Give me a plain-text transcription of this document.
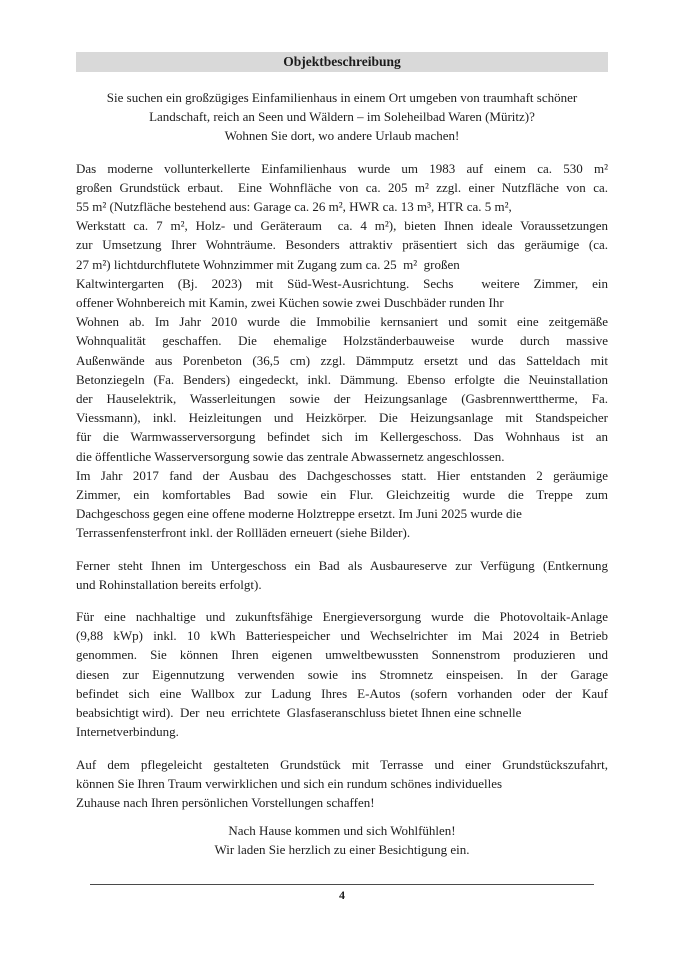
Objektbeschreibung
Sie suchen ein großzügiges Einfamilienhaus in einem Ort umgeben von traumhaft schöner
Landschaft, reich an Seen und Wäldern – im Soleheilbad Waren (Müritz)?
Wohnen Sie dort, wo andere Urlaub machen!
Das moderne vollunterkellerte Einfamilienhaus wurde um 1983 auf einem ca. 530 m²
großen Grundstück erbaut.  Eine Wohnfläche von ca. 205 m² zzgl. einer Nutzfläche von ca.
55 m² (Nutzfläche bestehend aus: Garage ca. 26 m², HWR ca. 13 m³, HTR ca. 5 m²,
Werkstatt ca. 7 m², Holz- und Geräteraum  ca. 4 m²), bieten Ihnen ideale Voraussetzungen
zur Umsetzung Ihrer Wohnträume. Besonders attraktiv präsentiert sich das geräumige (ca.
27 m²) lichtdurchflutete Wohnzimmer mit Zugang zum ca. 25  m²  großen
Kaltwintergarten (Bj. 2023) mit Süd-West-Ausrichtung. Sechs  weitere Zimmer, ein
offener Wohnbereich mit Kamin, zwei Küchen sowie zwei Duschbäder runden Ihr
Wohnen ab. Im Jahr 2010 wurde die Immobilie kernsaniert und somit eine zeitgemäße
Wohnqualität geschaffen. Die ehemalige Holzständerbauweise wurde durch massive
Außenwände aus Porenbeton (36,5 cm) zzgl. Dämmputz ersetzt und das Satteldach mit
Betonziegeln (Fa. Benders) eingedeckt, inkl. Dämmung. Ebenso erfolgte die Neuinstallation
der Hauselektrik, Wasserleitungen sowie der Heizungsanlage (Gasbrennwerttherme, Fa.
Viessmann), inkl. Heizleitungen und Heizkörper. Die Heizungsanlage mit Standspeicher
für die Warmwasserversorgung befindet sich im Kellergeschoss. Das Wohnhaus ist an
die öffentliche Wasserversorgung sowie das zentrale Abwassernetz angeschlossen.
Im Jahr 2017 fand der Ausbau des Dachgeschosses statt. Hier entstanden 2 geräumige
Zimmer, ein komfortables Bad sowie ein Flur. Gleichzeitig wurde die Treppe zum
Dachgeschoss gegen eine offene moderne Holztreppe ersetzt. Im Juni 2025 wurde die
Terrassenfensterfront inkl. der Rollläden erneuert (siehe Bilder).
Ferner steht Ihnen im Untergeschoss ein Bad als Ausbaureserve zur Verfügung (Entkernung
und Rohinstallation bereits erfolgt).
Für eine nachhaltige und zukunftsfähige Energieversorgung wurde die Photovoltaik-Anlage
(9,88 kWp) inkl. 10 kWh Batteriespeicher und Wechselrichter im Mai 2024 in Betrieb
genommen. Sie können Ihren eigenen umweltbewussten Sonnenstrom produzieren und
diesen zur Eigennutzung verwenden sowie ins Stromnetz einspeisen. In der Garage
befindet sich eine Wallbox zur Ladung Ihres E-Autos (sofern vorhanden oder der Kauf
beabsichtigt wird).  Der  neu  errichtete  Glasfaseranschluss bietet Ihnen eine schnelle
Internetverbindung.
Auf dem pflegeleicht gestalteten Grundstück mit Terrasse und einer Grundstückszufahrt,
können Sie Ihren Traum verwirklichen und sich ein rundum schönes individuelles
Zuhause nach Ihren persönlichen Vorstellungen schaffen!
Nach Hause kommen und sich Wohlfühlen!
Wir laden Sie herzlich zu einer Besichtigung ein.
4
